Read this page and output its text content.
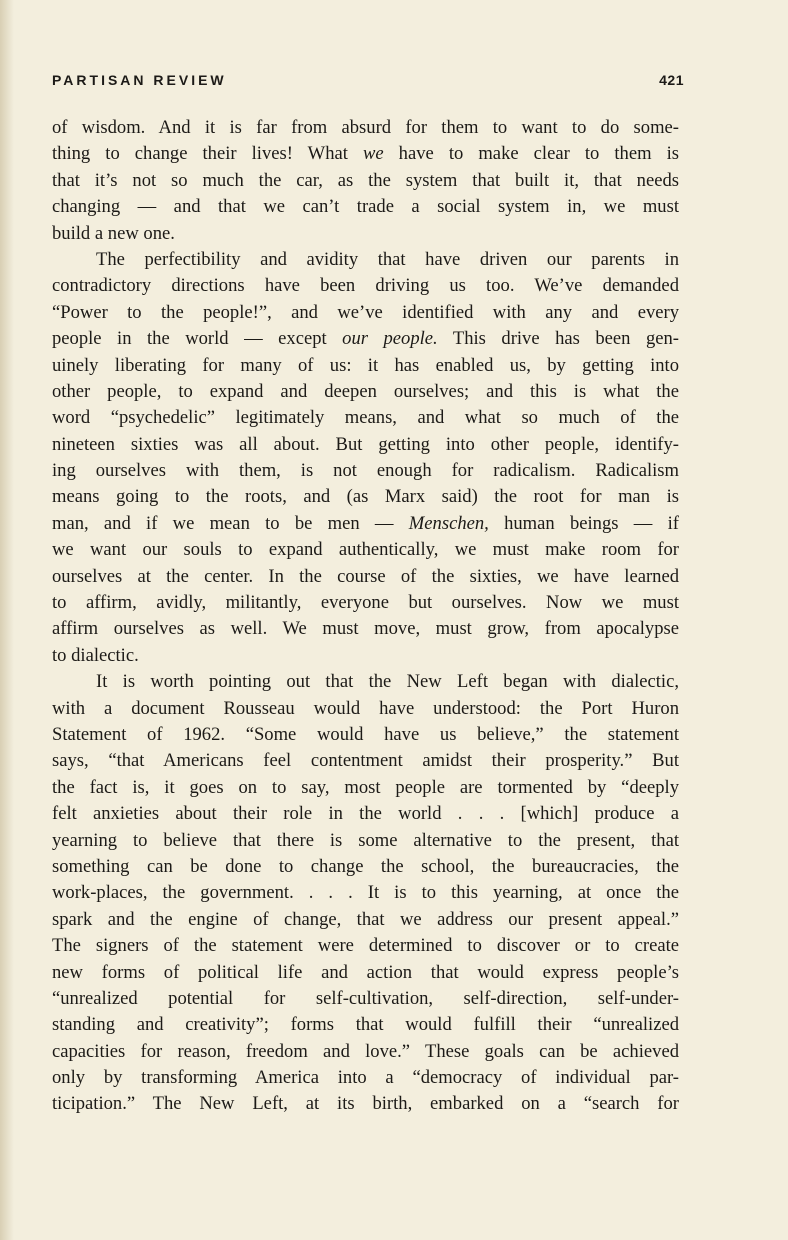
PARTISAN REVIEW	421
of wisdom. And it is far from absurd for them to want to do some-
thing to change their lives! What we have to make clear to them is
that it’s not so much the car, as the system that built it, that needs
changing — and that we can’t trade a social system in, we must
build a new one.
The perfectibility and avidity that have driven our parents in
contradictory directions have been driving us too. We’ve demanded
“Power to the people!”, and we’ve identified with any and every
people in the world — except our people. This drive has been gen-
uinely liberating for many of us: it has enabled us, by getting into
other people, to expand and deepen ourselves; and this is what the
word “psychedelic” legitimately means, and what so much of the
nineteen sixties was all about. But getting into other people, identify-
ing ourselves with them, is not enough for radicalism. Radicalism
means going to the roots, and (as Marx said) the root for man is
man, and if we mean to be men — Menschen, human beings — if
we want our souls to expand authentically, we must make room for
ourselves at the center. In the course of the sixties, we have learned
to affirm, avidly, militantly, everyone but ourselves. Now we must
affirm ourselves as well. We must move, must grow, from apocalypse
to dialectic.
It is worth pointing out that the New Left began with dialectic,
with a document Rousseau would have understood: the Port Huron
Statement of 1962. “Some would have us believe,” the statement
says, “that Americans feel contentment amidst their prosperity.” But
the fact is, it goes on to say, most people are tormented by “deeply
felt anxieties about their role in the world . . . [which] produce a
yearning to believe that there is some alternative to the present, that
something can be done to change the school, the bureaucracies, the
work-places, the government. . . . It is to this yearning, at once the
spark and the engine of change, that we address our present appeal.”
The signers of the statement were determined to discover or to create
new forms of political life and action that would express people’s
“unrealized potential for self-cultivation, self-direction, self-under-
standing and creativity”; forms that would fulfill their “unrealized
capacities for reason, freedom and love.” These goals can be achieved
only by transforming America into a “democracy of individual par-
ticipation.” The New Left, at its birth, embarked on a “search for
